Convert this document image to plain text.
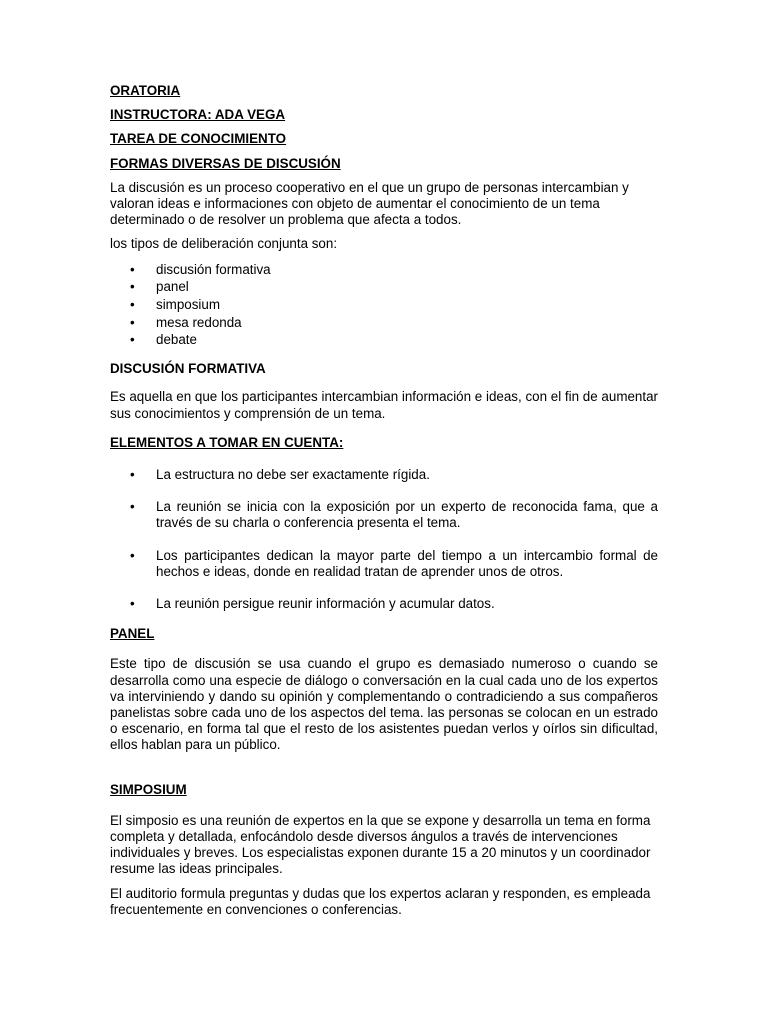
ORATORIA
INSTRUCTORA: ADA VEGA
TAREA DE CONOCIMIENTO
FORMAS DIVERSAS DE DISCUSIÓN

La discusión es un proceso cooperativo en el que un grupo de personas intercambian y valoran ideas e informaciones con objeto de aumentar el conocimiento de un tema determinado o de resolver un problema que afecta a todos.

los tipos de deliberación conjunta son:

• discusión formativa
• panel
• simposium
• mesa redonda
• debate
DISCUSIÓN FORMATIVA

Es aquella en que los participantes intercambian información e ideas, con el fin de aumentar sus conocimientos y comprensión de un tema.

ELEMENTOS A TOMAR EN CUENTA:
• La estructura no debe ser exactamente rígida.
• La reunión se inicia con la exposición por un experto de reconocida fama, que a través de su charla o conferencia presenta el tema.
• Los participantes dedican la mayor parte del tiempo a un intercambio formal de hechos e ideas, donde en realidad tratan de aprender unos de otros.
• La reunión persigue reunir información y acumular datos.
PANEL

Este tipo de discusión se usa cuando el grupo es demasiado numeroso o cuando se desarrolla como una especie de diálogo o conversación en la cual cada uno de los expertos va interviniendo y dando su opinión y complementando o contradiciendo a sus compañeros panelistas sobre cada uno de los aspectos del tema. las personas se colocan en un estrado o escenario, en forma tal que el resto de los asistentes puedan verlos y oírlos sin dificultad, ellos hablan para un público.

SIMPOSIUM

El simposio es una reunión de expertos en la que se expone y desarrolla un tema en forma completa y detallada, enfocándolo desde diversos ángulos a través de intervenciones individuales y breves. Los especialistas exponen durante 15 a 20 minutos y un coordinador resume las ideas principales.

El auditorio formula preguntas y dudas que los expertos aclaran y responden, es empleada frecuentemente en convenciones o conferencias.
